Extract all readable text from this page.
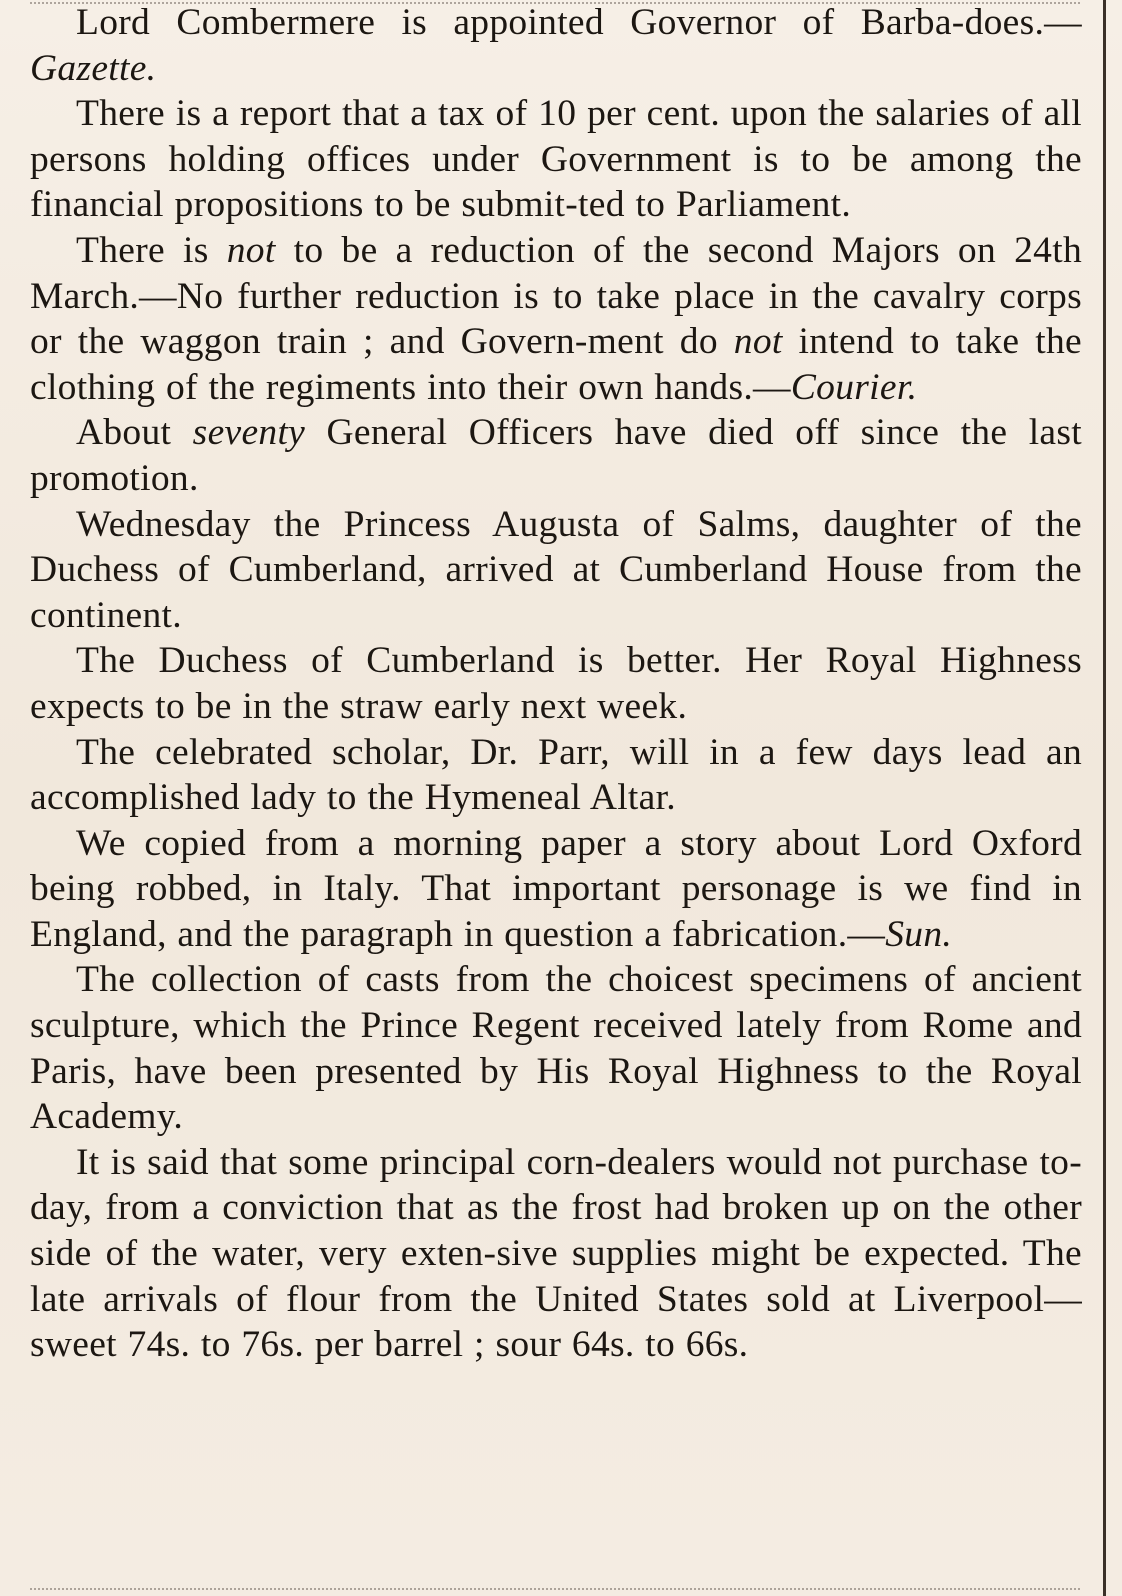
Lord Combermere is appointed Governor of Barba-does.—Gazette.

There is a report that a tax of 10 per cent. upon the salaries of all persons holding offices under Government is to be among the financial propositions to be submit-ted to Parliament.

There is not to be a reduction of the second Majors on 24th March.—No further reduction is to take place in the cavalry corps or the waggon train ; and Govern-ment do not intend to take the clothing of the regiments into their own hands.—Courier.

About seventy General Officers have died off since the last promotion.

Wednesday the Princess Augusta of Salms, daughter of the Duchess of Cumberland, arrived at Cumberland House from the continent.

The Duchess of Cumberland is better. Her Royal Highness expects to be in the straw early next week.

The celebrated scholar, Dr. Parr, will in a few days lead an accomplished lady to the Hymeneal Altar.

We copied from a morning paper a story about Lord Oxford being robbed, in Italy. That important personage is we find in England, and the paragraph in question a fabrication.—Sun.

The collection of casts from the choicest specimens of ancient sculpture, which the Prince Regent received lately from Rome and Paris, have been presented by His Royal Highness to the Royal Academy.

It is said that some principal corn-dealers would not purchase to-day, from a conviction that as the frost had broken up on the other side of the water, very exten-sive supplies might be expected. The late arrivals of flour from the United States sold at Liverpool—sweet 74s. to 76s. per barrel ; sour 64s. to 66s.
